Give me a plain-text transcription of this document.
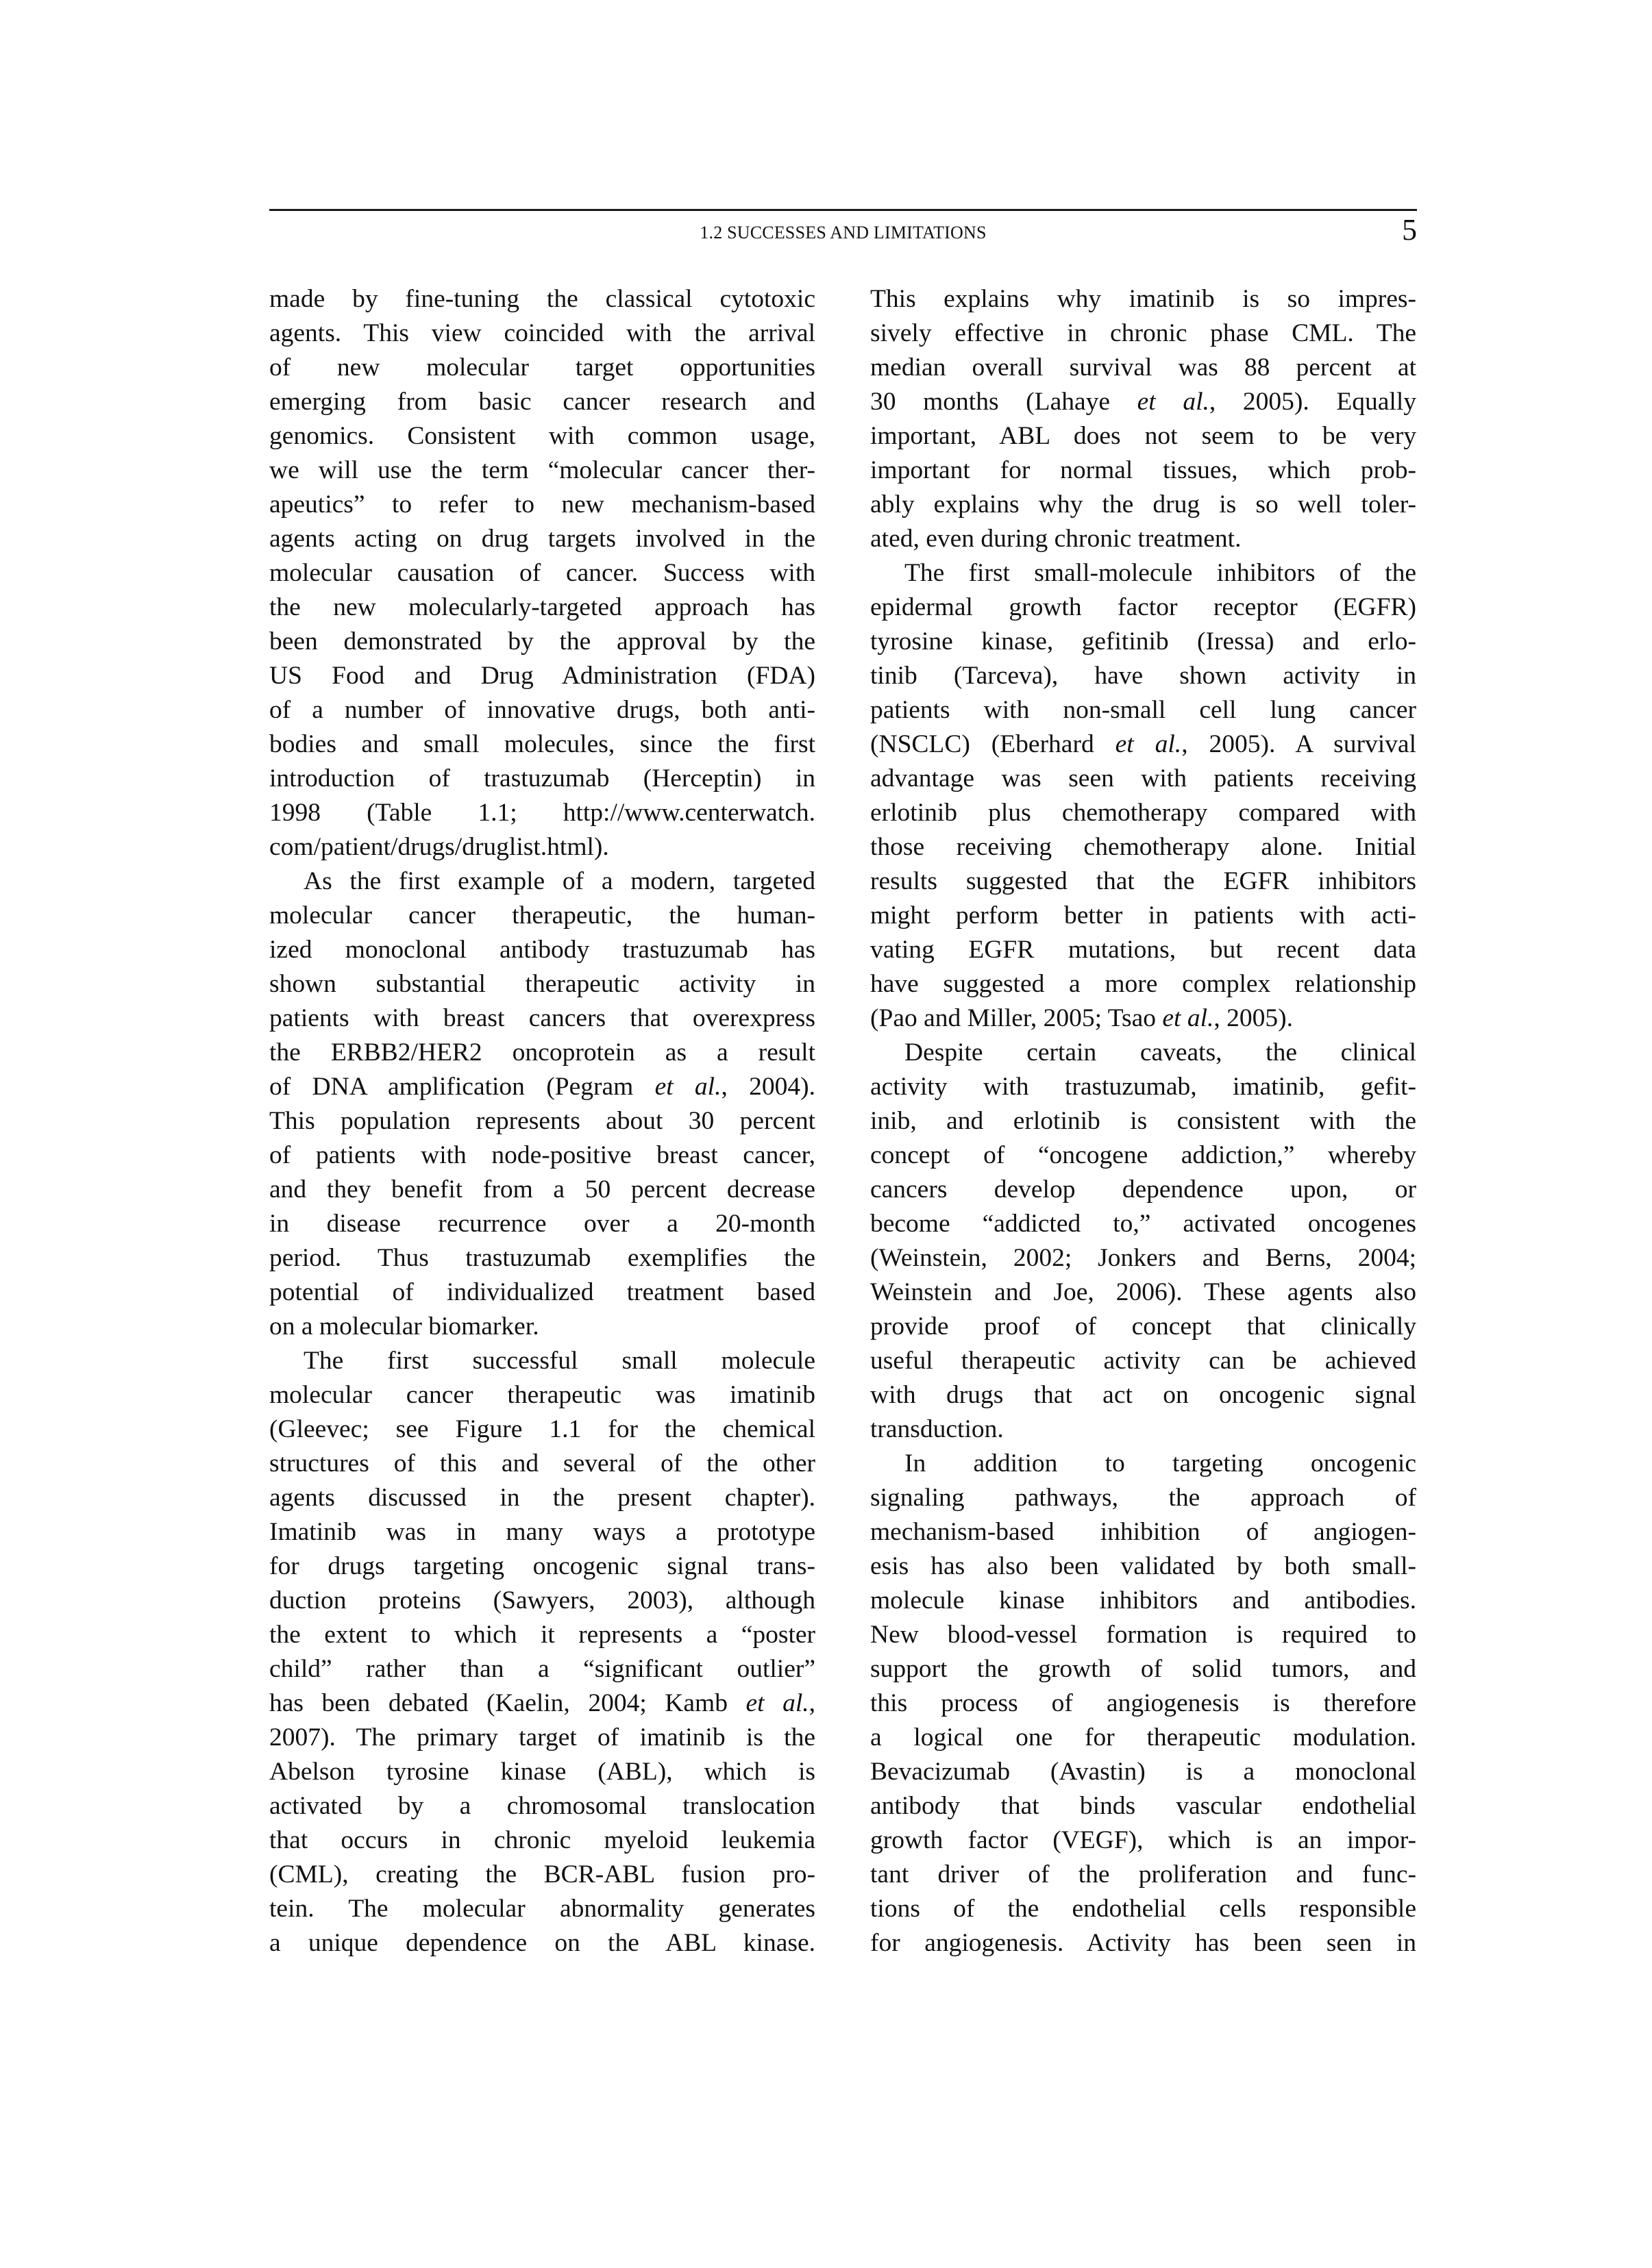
1.2 SUCCESSES AND LIMITATIONS	5
made by fine-tuning the classical cytotoxic
agents. This view coincided with the arrival
of new molecular target opportunities
emerging from basic cancer research and
genomics. Consistent with common usage,
we will use the term “molecular cancer ther-
apeutics” to refer to new mechanism-based
agents acting on drug targets involved in the
molecular causation of cancer. Success with
the new molecularly-targeted approach has
been demonstrated by the approval by the
US Food and Drug Administration (FDA)
of a number of innovative drugs, both anti-
bodies and small molecules, since the first
introduction of trastuzumab (Herceptin) in
1998 (Table 1.1; http://www.centerwatch.
com/patient/drugs/druglist.html).
As the first example of a modern, targeted
molecular cancer therapeutic, the human-
ized monoclonal antibody trastuzumab has
shown substantial therapeutic activity in
patients with breast cancers that overexpress
the ERBB2/HER2 oncoprotein as a result
of DNA amplification (Pegram et al., 2004).
This population represents about 30 percent
of patients with node-positive breast cancer,
and they benefit from a 50 percent decrease
in disease recurrence over a 20-month
period. Thus trastuzumab exemplifies the
potential of individualized treatment based
on a molecular biomarker.
The first successful small molecule
molecular cancer therapeutic was imatinib
(Gleevec; see Figure 1.1 for the chemical
structures of this and several of the other
agents discussed in the present chapter).
Imatinib was in many ways a prototype
for drugs targeting oncogenic signal trans-
duction proteins (Sawyers, 2003), although
the extent to which it represents a “poster
child” rather than a “significant outlier”
has been debated (Kaelin, 2004; Kamb et al.,
2007). The primary target of imatinib is the
Abelson tyrosine kinase (ABL), which is
activated by a chromosomal translocation
that occurs in chronic myeloid leukemia
(CML), creating the BCR-ABL fusion pro-
tein. The molecular abnormality generates
a unique dependence on the ABL kinase.
This explains why imatinib is so impres-
sively effective in chronic phase CML. The
median overall survival was 88 percent at
30 months (Lahaye et al., 2005). Equally
important, ABL does not seem to be very
important for normal tissues, which prob-
ably explains why the drug is so well toler-
ated, even during chronic treatment.
The first small-molecule inhibitors of the
epidermal growth factor receptor (EGFR)
tyrosine kinase, gefitinib (Iressa) and erlo-
tinib (Tarceva), have shown activity in
patients with non-small cell lung cancer
(NSCLC) (Eberhard et al., 2005). A survival
advantage was seen with patients receiving
erlotinib plus chemotherapy compared with
those receiving chemotherapy alone. Initial
results suggested that the EGFR inhibitors
might perform better in patients with acti-
vating EGFR mutations, but recent data
have suggested a more complex relationship
(Pao and Miller, 2005; Tsao et al., 2005).
Despite certain caveats, the clinical
activity with trastuzumab, imatinib, gefit-
inib, and erlotinib is consistent with the
concept of “oncogene addiction,” whereby
cancers develop dependence upon, or
become “addicted to,” activated oncogenes
(Weinstein, 2002; Jonkers and Berns, 2004;
Weinstein and Joe, 2006). These agents also
provide proof of concept that clinically
useful therapeutic activity can be achieved
with drugs that act on oncogenic signal
transduction.
In addition to targeting oncogenic
signaling pathways, the approach of
mechanism-based inhibition of angiogen-
esis has also been validated by both small-
molecule kinase inhibitors and antibodies.
New blood-vessel formation is required to
support the growth of solid tumors, and
this process of angiogenesis is therefore
a logical one for therapeutic modulation.
Bevacizumab (Avastin) is a monoclonal
antibody that binds vascular endothelial
growth factor (VEGF), which is an impor-
tant driver of the proliferation and func-
tions of the endothelial cells responsible
for angiogenesis. Activity has been seen in
